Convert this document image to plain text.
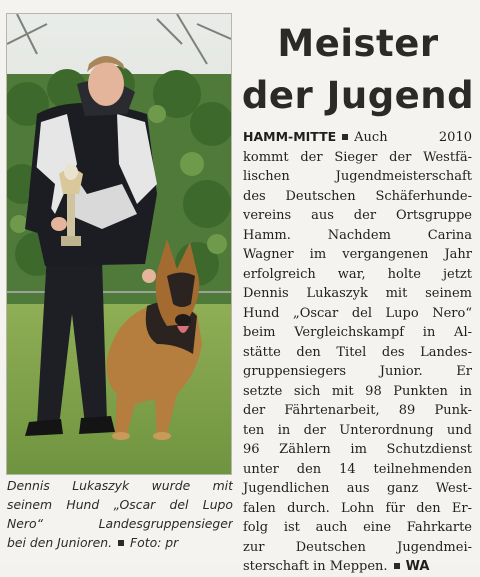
Dennis Lukaszyk wurde mit
seinem Hund „Oscar del Lupo
Nero“ Landesgruppensieger
bei den Junioren. Foto: pr
Meister
der Jugend
HAMM-MITTE Auch 2010
kommt der Sieger der Westfä-
lischen Jugendmeisterschaft
des Deutschen Schäferhunde-
vereins aus der Ortsgruppe
Hamm. Nachdem Carina
Wagner im vergangenen Jahr
erfolgreich war, holte jetzt
Dennis Lukaszyk mit seinem
Hund „Oscar del Lupo Nero“
beim Vergleichskampf in Al-
stätte den Titel des Landes-
gruppensiegers Junior. Er
setzte sich mit 98 Punkten in
der Fährtenarbeit, 89 Punk-
ten in der Unterordnung und
96 Zählern im Schutzdienst
unter den 14 teilnehmenden
Jugendlichen aus ganz West-
falen durch. Lohn für den Er-
folg ist auch eine Fahrkarte
zur Deutschen Jugendmei-
sterschaft in Meppen. WA
